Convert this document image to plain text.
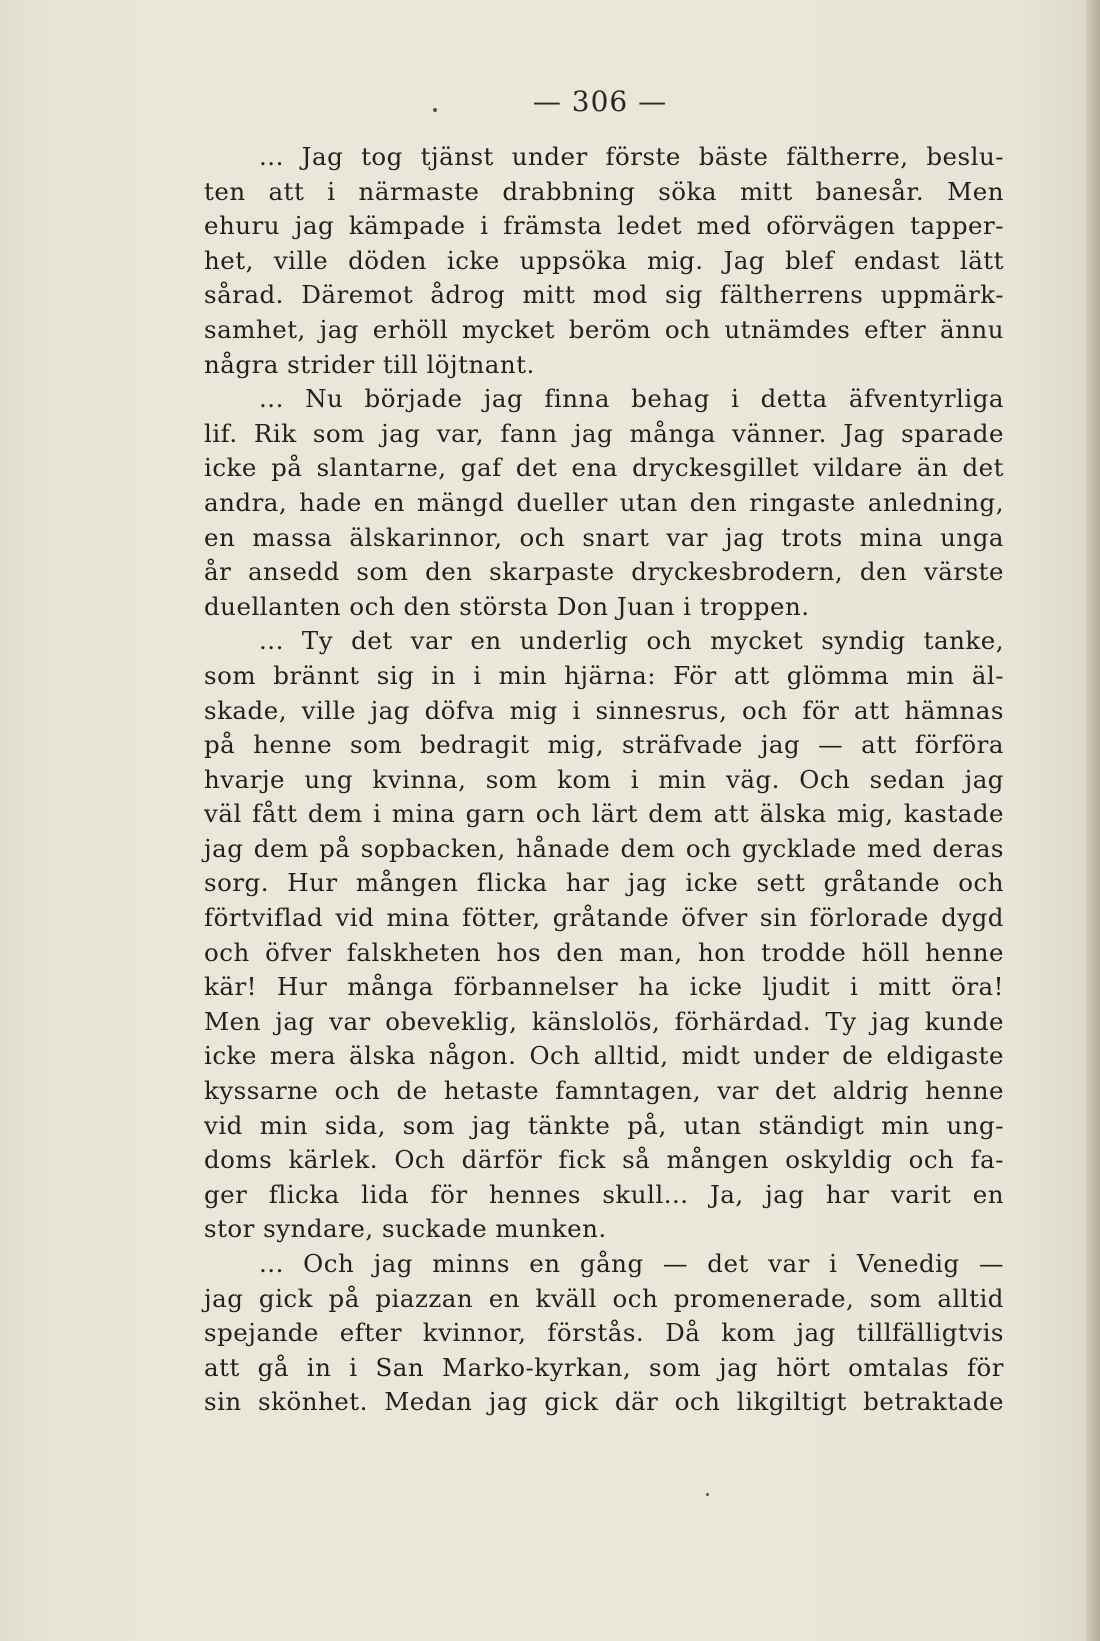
— 306 —
... Jag tog tjänst under förste bäste fältherre, beslu-
ten att i närmaste drabbning söka mitt banesår. Men
ehuru jag kämpade i främsta ledet med oförvägen tapper-
het, ville döden icke uppsöka mig. Jag blef endast lätt
sårad. Däremot ådrog mitt mod sig fältherrens uppmärk-
samhet, jag erhöll mycket beröm och utnämdes efter ännu
några strider till löjtnant.
... Nu började jag finna behag i detta äfventyrliga
lif. Rik som jag var, fann jag många vänner. Jag sparade
icke på slantarne, gaf det ena dryckesgillet vildare än det
andra, hade en mängd dueller utan den ringaste anledning,
en massa älskarinnor, och snart var jag trots mina unga
år ansedd som den skarpaste dryckesbrodern, den värste
duellanten och den största Don Juan i troppen.
... Ty det var en underlig och mycket syndig tanke,
som brännt sig in i min hjärna: För att glömma min äl-
skade, ville jag döfva mig i sinnesrus, och för att hämnas
på henne som bedragit mig, sträfvade jag — att förföra
hvarje ung kvinna, som kom i min väg. Och sedan jag
väl fått dem i mina garn och lärt dem att älska mig, kastade
jag dem på sopbacken, hånade dem och gycklade med deras
sorg. Hur mången flicka har jag icke sett gråtande och
förtviflad vid mina fötter, gråtande öfver sin förlorade dygd
och öfver falskheten hos den man, hon trodde höll henne
kär! Hur många förbannelser ha icke ljudit i mitt öra!
Men jag var obeveklig, känslolös, förhärdad. Ty jag kunde
icke mera älska någon. Och alltid, midt under de eldigaste
kyssarne och de hetaste famntagen, var det aldrig henne
vid min sida, som jag tänkte på, utan ständigt min ung-
doms kärlek. Och därför fick så mången oskyldig och fa-
ger flicka lida för hennes skull... Ja, jag har varit en
stor syndare, suckade munken.
... Och jag minns en gång — det var i Venedig —
jag gick på piazzan en kväll och promenerade, som alltid
spejande efter kvinnor, förstås. Då kom jag tillfälligtvis
att gå in i San Marko-kyrkan, som jag hört omtalas för
sin skönhet. Medan jag gick där och likgiltigt betraktade
